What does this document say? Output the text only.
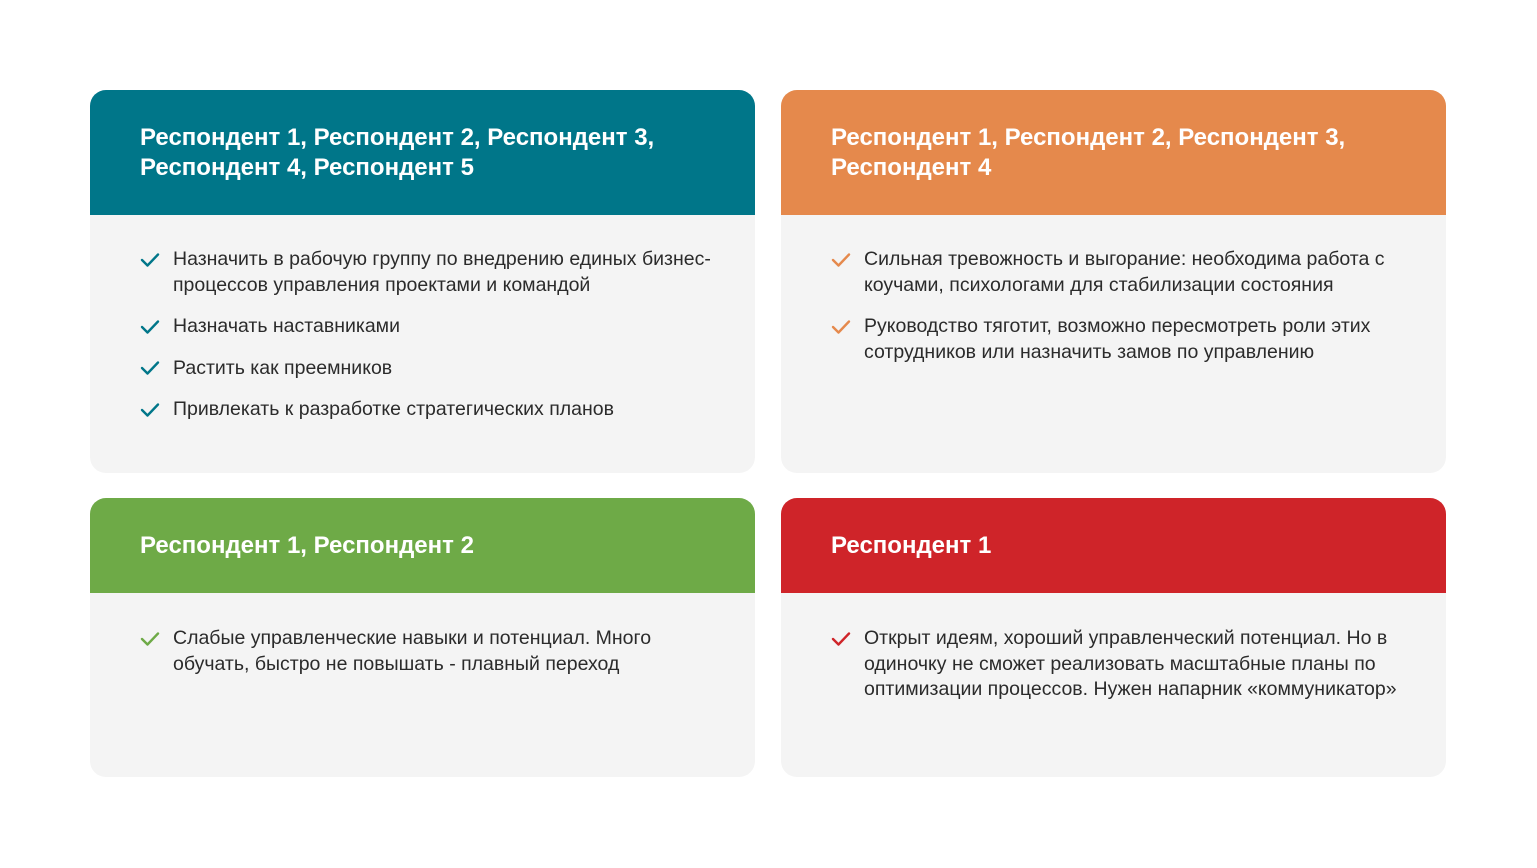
Респондент 1, Респондент 2, Респондент 3, Респондент 4, Респондент 5
Назначить в рабочую группу по внедрению единых бизнес-процессов управления проектами и командой
Назначать наставниками
Растить как преемников
Привлекать к разработке стратегических планов
Респондент 1, Респондент 2, Респондент 3, Респондент 4
Сильная тревожность и выгорание: необходима работа с коучами, психологами для стабилизации состояния
Руководство тяготит, возможно пересмотреть роли этих сотрудников или назначить замов по управлению
Респондент 1, Респондент 2
Слабые управленческие навыки и потенциал. Много обучать, быстро не повышать - плавный переход
Респондент 1
Открыт идеям, хороший управленческий потенциал. Но в одиночку не сможет реализовать масштабные планы по оптимизации процессов. Нужен напарник «коммуникатор»
